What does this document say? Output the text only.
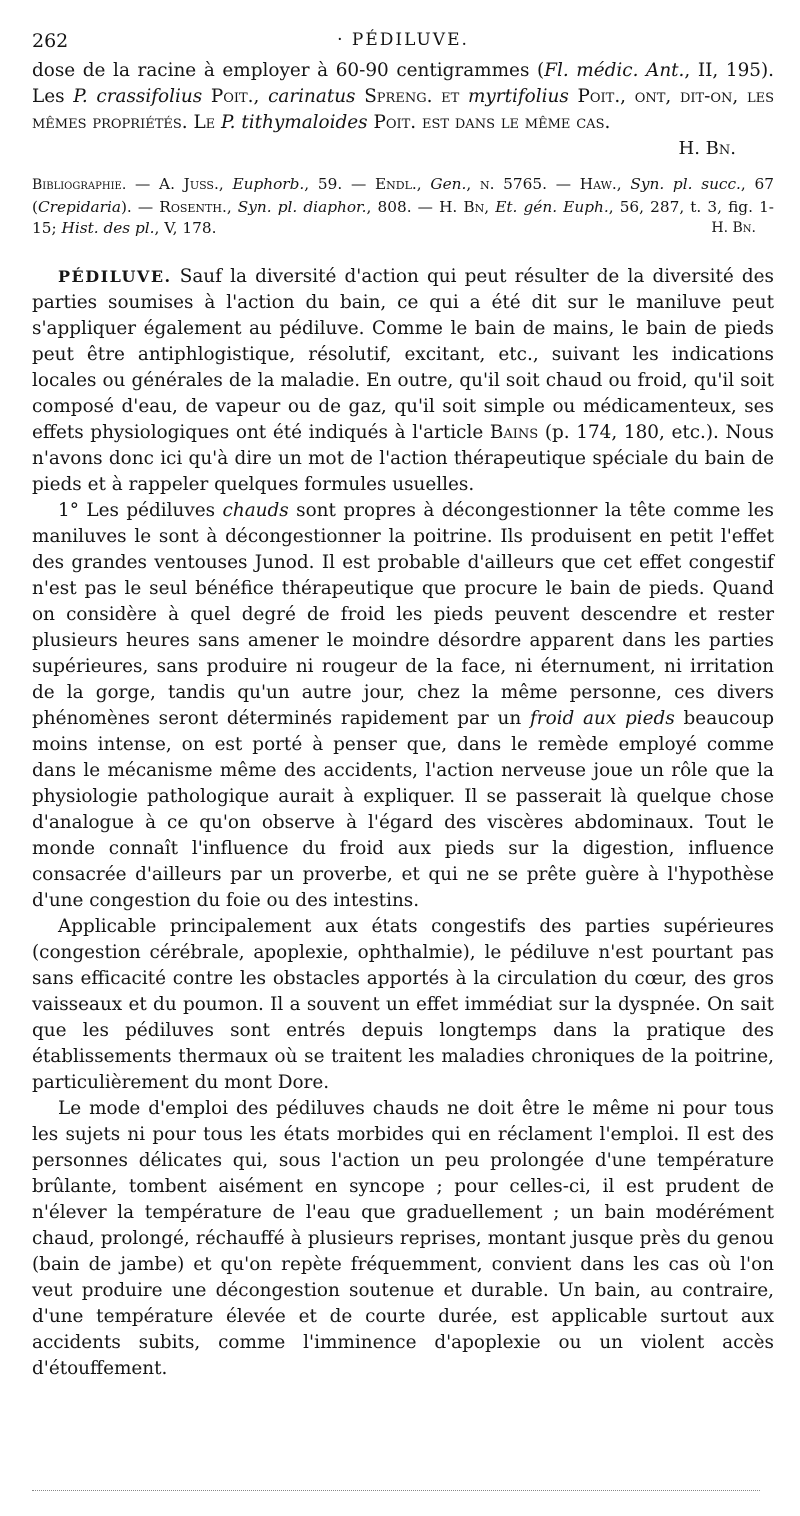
262	· PÉDILUVE.

dose de la racine à employer à 60-90 centigrammes (Fl. médic. Ant., II, 195). Les P. crassifolius Poit., carinatus Spreng. et myrtifolius Poit., ont, dit-on, les mêmes propriétés. Le P. tithymaloides Poit. est dans le même cas.

H. Bn.

Bibliographie. — A. Juss., Euphorb., 59. — Endl., Gen., n. 5765. — Haw., Syn. pl. succ., 67 (Crepidaria). — Rosenth., Syn. pl. diaphor., 808. — H. Bn, Et. gén. Euph., 56, 287, t. 3, fig. 1-15; Hist. des pl., V, 178.	H. Bn.

PÉDILUVE. Sauf la diversité d'action qui peut résulter de la diversité des parties soumises à l'action du bain, ce qui a été dit sur le maniluve peut s'appliquer également au pédiluve. Comme le bain de mains, le bain de pieds peut être antiphlogistique, résolutif, excitant, etc., suivant les indications locales ou générales de la maladie. En outre, qu'il soit chaud ou froid, qu'il soit composé d'eau, de vapeur ou de gaz, qu'il soit simple ou médicamenteux, ses effets physiologiques ont été indiqués à l'article Bains (p. 174, 180, etc.). Nous n'avons donc ici qu'à dire un mot de l'action thérapeutique spéciale du bain de pieds et à rappeler quelques formules usuelles.

1° Les pédiluves chauds sont propres à décongestionner la tête comme les maniluves le sont à décongestionner la poitrine. Ils produisent en petit l'effet des grandes ventouses Junod. Il est probable d'ailleurs que cet effet congestif n'est pas le seul bénéfice thérapeutique que procure le bain de pieds. Quand on considère à quel degré de froid les pieds peuvent descendre et rester plusieurs heures sans amener le moindre désordre apparent dans les parties supérieures, sans produire ni rougeur de la face, ni éternument, ni irritation de la gorge, tandis qu'un autre jour, chez la même personne, ces divers phénomènes seront déterminés rapidement par un froid aux pieds beaucoup moins intense, on est porté à penser que, dans le remède employé comme dans le mécanisme même des accidents, l'action nerveuse joue un rôle que la physiologie pathologique aurait à expliquer. Il se passerait là quelque chose d'analogue à ce qu'on observe à l'égard des viscères abdominaux. Tout le monde connaît l'influence du froid aux pieds sur la digestion, influence consacrée d'ailleurs par un proverbe, et qui ne se prête guère à l'hypothèse d'une congestion du foie ou des intestins.

Applicable principalement aux états congestifs des parties supérieures (congestion cérébrale, apoplexie, ophthalmie), le pédiluve n'est pourtant pas sans efficacité contre les obstacles apportés à la circulation du cœur, des gros vaisseaux et du poumon. Il a souvent un effet immédiat sur la dyspnée. On sait que les pédiluves sont entrés depuis longtemps dans la pratique des établissements thermaux où se traitent les maladies chroniques de la poitrine, particulièrement du mont Dore.

Le mode d'emploi des pédiluves chauds ne doit être le même ni pour tous les sujets ni pour tous les états morbides qui en réclament l'emploi. Il est des personnes délicates qui, sous l'action un peu prolongée d'une température brûlante, tombent aisément en syncope ; pour celles-ci, il est prudent de n'élever la température de l'eau que graduellement ; un bain modérément chaud, prolongé, réchauffé à plusieurs reprises, montant jusque près du genou (bain de jambe) et qu'on repète fréquemment, convient dans les cas où l'on veut produire une décongestion soutenue et durable. Un bain, au contraire, d'une température élevée et de courte durée, est applicable surtout aux accidents subits, comme l'imminence d'apoplexie ou un violent accès d'étouffement.
